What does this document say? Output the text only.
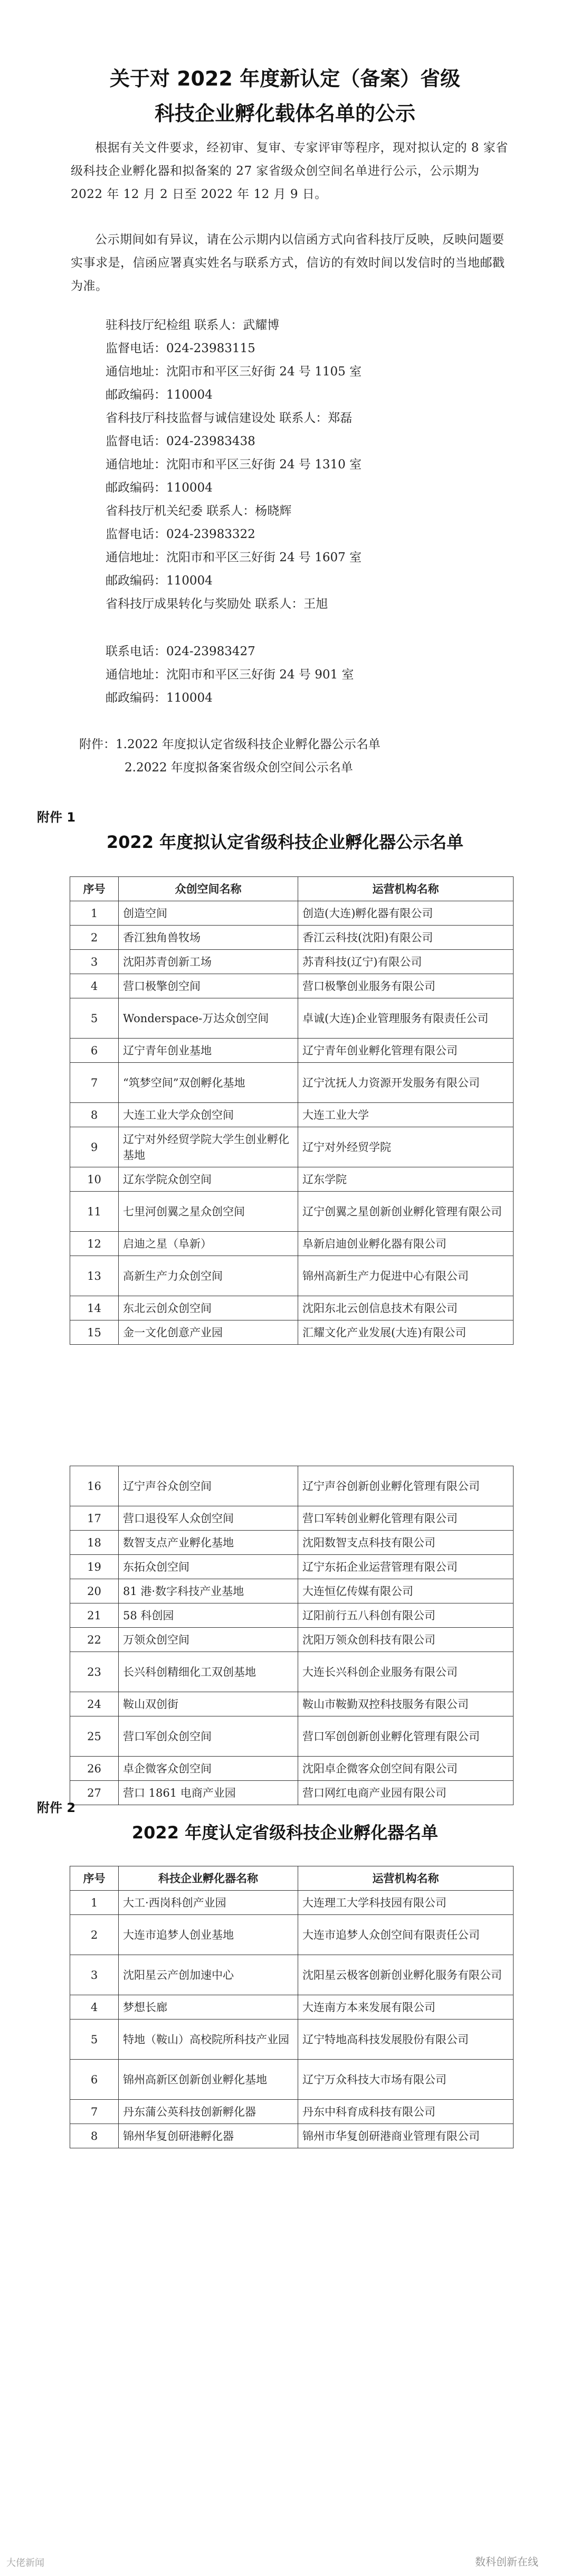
关于对 2022 年度新认定（备案）省级
科技企业孵化载体名单的公示
根据有关文件要求，经初审、复审、专家评审等程序，现对拟认定的 8 家省级科技企业孵化器和拟备案的 27 家省级众创空间名单进行公示，公示期为 2022 年 12 月 2 日至 2022 年 12 月 9 日。
公示期间如有异议，请在公示期内以信函方式向省科技厅反映，反映问题要实事求是，信函应署真实姓名与联系方式，信访的有效时间以发信时的当地邮戳为准。
驻科技厅纪检组 联系人：武耀博
监督电话：024-23983115
通信地址：沈阳市和平区三好街 24 号 1105 室
邮政编码：110004
省科技厅科技监督与诚信建设处 联系人：郑磊
监督电话：024-23983438
通信地址：沈阳市和平区三好街 24 号 1310 室
邮政编码：110004
省科技厅机关纪委 联系人：杨晓辉
监督电话：024-23983322
通信地址：沈阳市和平区三好街 24 号 1607 室
邮政编码：110004
省科技厅成果转化与奖励处 联系人：王旭
联系电话：024-23983427
通信地址：沈阳市和平区三好街 24 号 901 室
邮政编码：110004
附件：1.2022 年度拟认定省级科技企业孵化器公示名单
2.2022 年度拟备案省级众创空间公示名单
附件 1
2022 年度拟认定省级科技企业孵化器公示名单
序号	众创空间名称	运营机构名称
1	创造空间	创造(大连)孵化器有限公司
2	香江独角兽牧场	香江云科技(沈阳)有限公司
3	沈阳苏青创新工场	苏青科技(辽宁)有限公司
4	营口极擎创空间	营口极擎创业服务有限公司
5	Wonderspace-万达众创空间	卓诚(大连)企业管理服务有限责任公司
6	辽宁青年创业基地	辽宁青年创业孵化管理有限公司
7	“筑梦空间”双创孵化基地	辽宁沈抚人力资源开发服务有限公司
8	大连工业大学众创空间	大连工业大学
9	辽宁对外经贸学院大学生创业孵化基地	辽宁对外经贸学院
10	辽东学院众创空间	辽东学院
11	七里河创翼之星众创空间	辽宁创翼之星创新创业孵化管理有限公司
12	启迪之星（阜新）	阜新启迪创业孵化器有限公司
13	高新生产力众创空间	锦州高新生产力促进中心有限公司
14	东北云创众创空间	沈阳东北云创信息技术有限公司
15	金一文化创意产业园	汇耀文化产业发展(大连)有限公司
16	辽宁声谷众创空间	辽宁声谷创新创业孵化管理有限公司
17	营口退役军人众创空间	营口军转创业孵化管理有限公司
18	数智支点产业孵化基地	沈阳数智支点科技有限公司
19	东拓众创空间	辽宁东拓企业运营管理有限公司
20	81 港·数字科技产业基地	大连恒亿传媒有限公司
21	58 科创园	辽阳前行五八科创有限公司
22	万领众创空间	沈阳万领众创科技有限公司
23	长兴科创精细化工双创基地	大连长兴科创企业服务有限公司
24	鞍山双创街	鞍山市鞍勤双控科技服务有限公司
25	营口军创众创空间	营口军创创新创业孵化管理有限公司
26	卓企微客众创空间	沈阳卓企微客众创空间有限公司
27	营口 1861 电商产业园	营口网红电商产业园有限公司
附件 2
2022 年度认定省级科技企业孵化器名单
序号	科技企业孵化器名称	运营机构名称
1	大工·西岗科创产业园	大连理工大学科技园有限公司
2	大连市追梦人创业基地	大连市追梦人众创空间有限责任公司
3	沈阳星云产创加速中心	沈阳星云极客创新创业孵化服务有限公司
4	梦想长廊	大连南方本来发展有限公司
5	特地（鞍山）高校院所科技产业园	辽宁特地高科技发展股份有限公司
6	锦州高新区创新创业孵化基地	辽宁万众科技大市场有限公司
7	丹东蒲公英科技创新孵化器	丹东中科育成科技有限公司
8	锦州华复创研港孵化器	锦州市华复创研港商业管理有限公司
大佬新闻	数科创新在线
